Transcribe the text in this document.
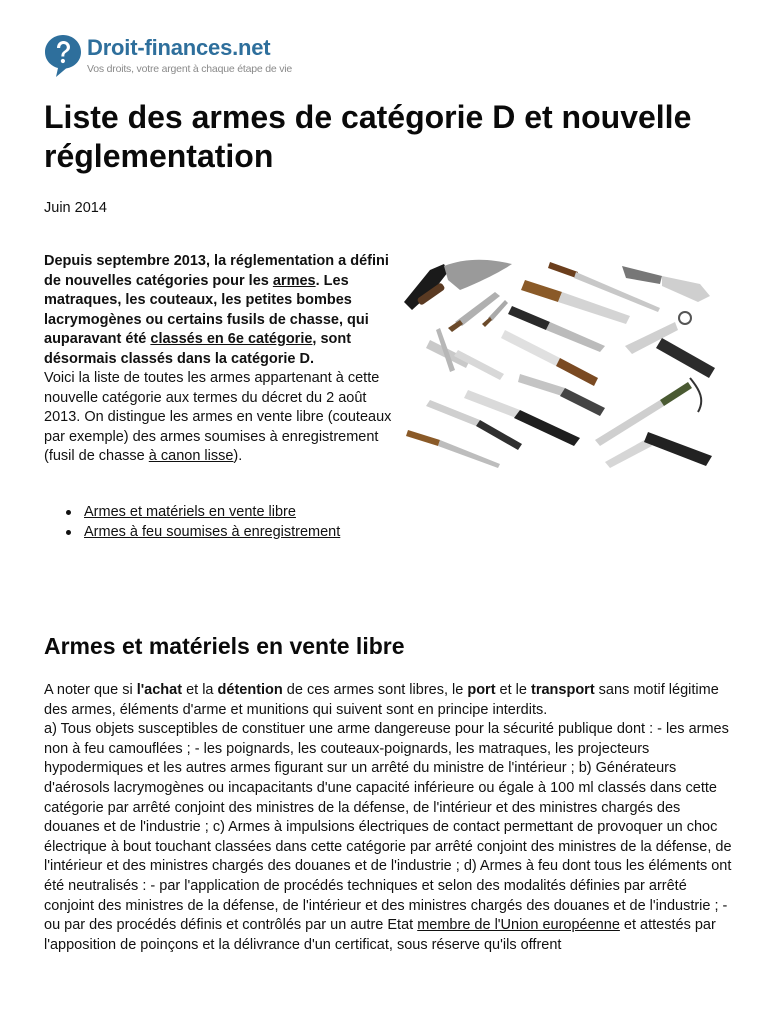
Droit-finances.net
Vos droits, votre argent à chaque étape de vie
Liste des armes de catégorie D et nouvelle réglementation
Juin 2014
Depuis septembre 2013, la réglementation a défini de nouvelles catégories pour les armes. Les matraques, les couteaux, les petites bombes lacrymogènes ou certains fusils de chasse, qui auparavant été classés en 6e catégorie, sont désormais classés dans la catégorie D.
Voici la liste de toutes les armes appartenant à cette nouvelle catégorie aux termes du décret du 2 août 2013. On distingue les armes en vente libre (couteaux par exemple) des armes soumises à enregistrement (fusil de chasse à canon lisse).
Armes et matériels en vente libre
Armes à feu soumises à enregistrement
Armes et matériels en vente libre

A noter que si l'achat et la détention de ces armes sont libres, le port et le transport sans motif légitime des armes, éléments d'arme et munitions qui suivent sont en principe interdits.

a) Tous objets susceptibles de constituer une arme dangereuse pour la sécurité publique dont : - les armes non à feu camouflées ; - les poignards, les couteaux-poignards, les matraques, les projecteurs hypodermiques et les autres armes figurant sur un arrêté du ministre de l'intérieur ; b) Générateurs d'aérosols lacrymogènes ou incapacitants d'une capacité inférieure ou égale à 100 ml classés dans cette catégorie par arrêté conjoint des ministres de la défense, de l'intérieur et des ministres chargés des douanes et de l'industrie ; c) Armes à impulsions électriques de contact permettant de provoquer un choc électrique à bout touchant classées dans cette catégorie par arrêté conjoint des ministres de la défense, de l'intérieur et des ministres chargés des douanes et de l'industrie ; d) Armes à feu dont tous les éléments ont été neutralisés : - par l'application de procédés techniques et selon des modalités définies par arrêté conjoint des ministres de la défense, de l'intérieur et des ministres chargés des douanes et de l'industrie ; - ou par des procédés définis et contrôlés par un autre Etat membre de l'Union européenne et attestés par l'apposition de poinçons et la délivrance d'un certificat, sous réserve qu'ils offrent
